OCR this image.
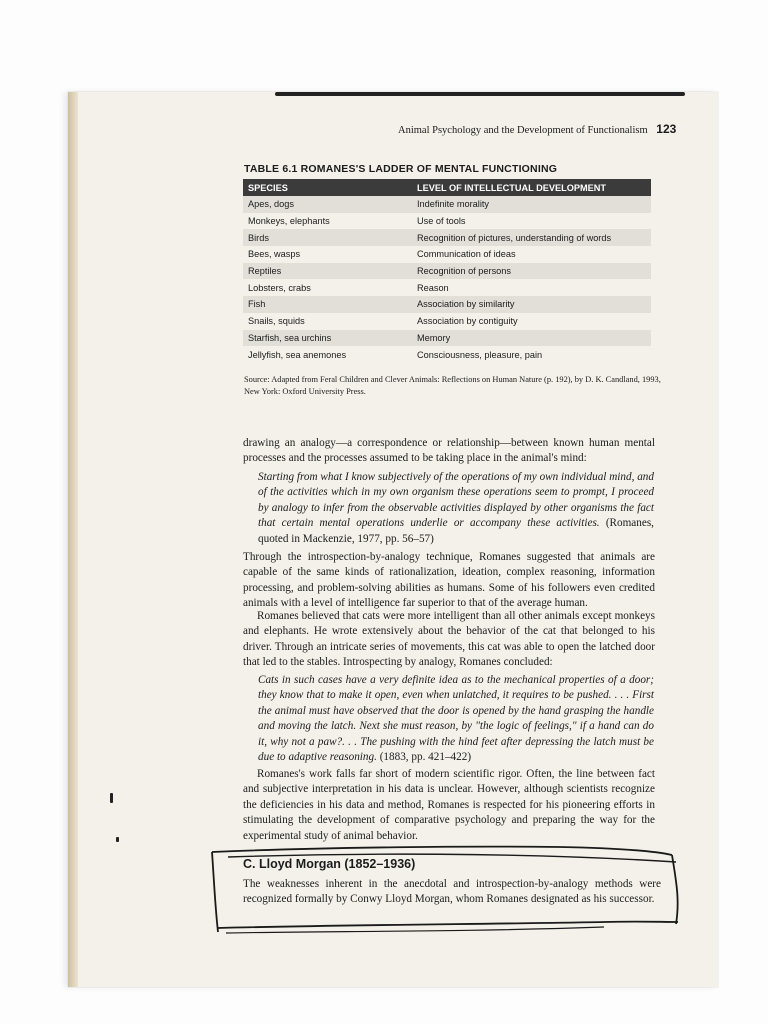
Animal Psychology and the Development of Functionalism 123
TABLE 6.1 ROMANES'S LADDER OF MENTAL FUNCTIONING
SPECIES	LEVEL OF INTELLECTUAL DEVELOPMENT
Apes, dogs	Indefinite morality
Monkeys, elephants	Use of tools
Birds	Recognition of pictures, understanding of words
Bees, wasps	Communication of ideas
Reptiles	Recognition of persons
Lobsters, crabs	Reason
Fish	Association by similarity
Snails, squids	Association by contiguity
Starfish, sea urchins	Memory
Jellyfish, sea anemones	Consciousness, pleasure, pain
Source: Adapted from Feral Children and Clever Animals: Reflections on Human Nature (p. 192), by D. K. Candland, 1993, New York: Oxford University Press.
drawing an analogy—a correspondence or relationship—between known human mental processes and the processes assumed to be taking place in the animal's mind:
Starting from what I know subjectively of the operations of my own individual mind, and of the activities which in my own organism these operations seem to prompt, I proceed by analogy to infer from the observable activities displayed by other organisms the fact that certain mental operations underlie or accompany these activities. (Romanes, quoted in Mackenzie, 1977, pp. 56–57)
Through the introspection-by-analogy technique, Romanes suggested that animals are capable of the same kinds of rationalization, ideation, complex reasoning, information processing, and problem-solving abilities as humans. Some of his followers even credited animals with a level of intelligence far superior to that of the average human.
Romanes believed that cats were more intelligent than all other animals except monkeys and elephants. He wrote extensively about the behavior of the cat that belonged to his driver. Through an intricate series of movements, this cat was able to open the latched door that led to the stables. Introspecting by analogy, Romanes concluded:
Cats in such cases have a very definite idea as to the mechanical properties of a door; they know that to make it open, even when unlatched, it requires to be pushed. . . . First the animal must have observed that the door is opened by the hand grasping the handle and moving the latch. Next she must reason, by "the logic of feelings," if a hand can do it, why not a paw?. . . The pushing with the hind feet after depressing the latch must be due to adaptive reasoning. (1883, pp. 421–422)
Romanes's work falls far short of modern scientific rigor. Often, the line between fact and subjective interpretation in his data is unclear. However, although scientists recognize the deficiencies in his data and method, Romanes is respected for his pioneering efforts in stimulating the development of comparative psychology and preparing the way for the experimental study of animal behavior.
C. Lloyd Morgan (1852–1936)
The weaknesses inherent in the anecdotal and introspection-by-analogy methods were recognized formally by Conwy Lloyd Morgan, whom Romanes designated as his successor.
